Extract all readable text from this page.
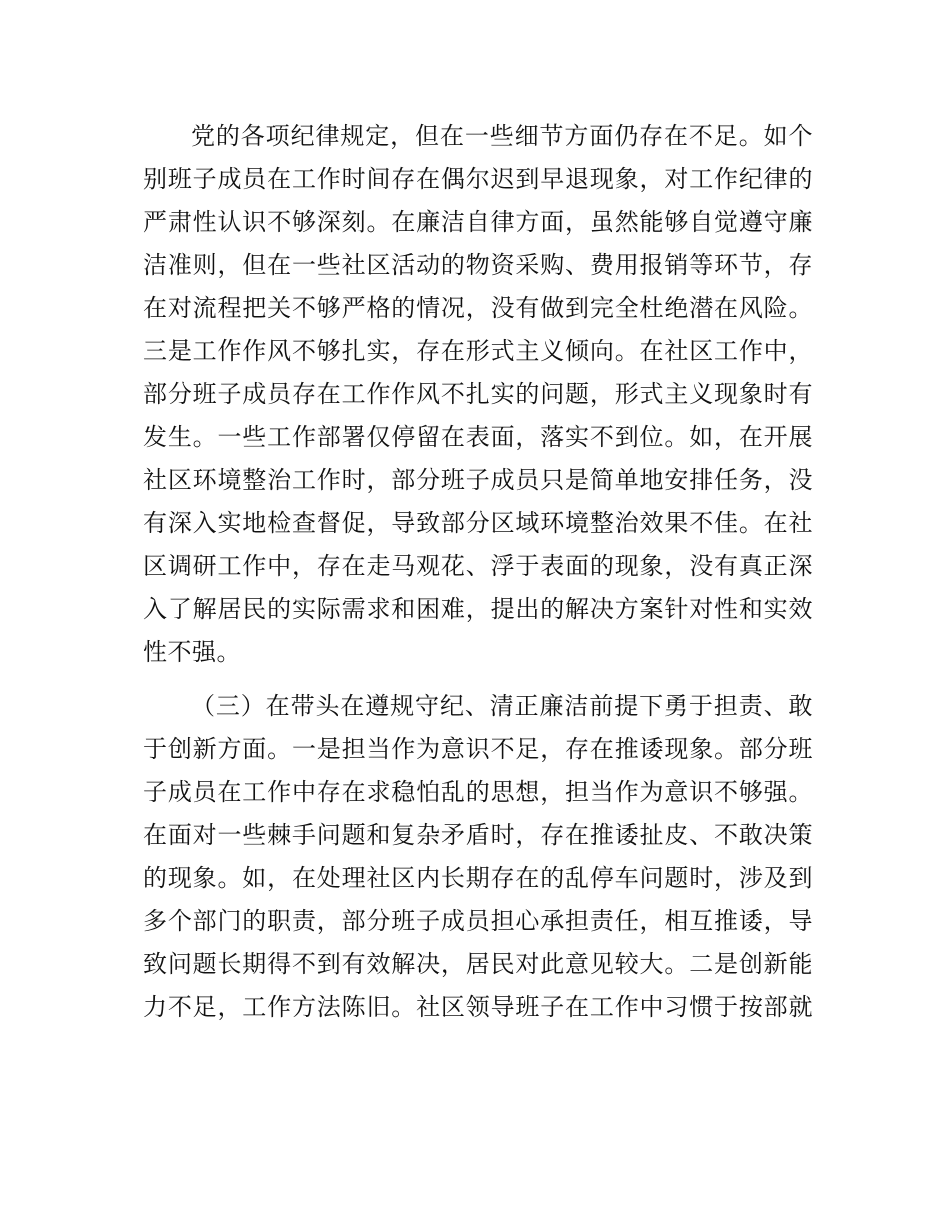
党的各项纪律规定，但在一些细节方面仍存在不足。如个
别班子成员在工作时间存在偶尔迟到早退现象，对工作纪律的
严肃性认识不够深刻。在廉洁自律方面，虽然能够自觉遵守廉
洁准则，但在一些社区活动的物资采购、费用报销等环节，存
在对流程把关不够严格的情况，没有做到完全杜绝潜在风险。
三是工作作风不够扎实，存在形式主义倾向。在社区工作中，
部分班子成员存在工作作风不扎实的问题，形式主义现象时有
发生。一些工作部署仅停留在表面，落实不到位。如，在开展
社区环境整治工作时，部分班子成员只是简单地安排任务，没
有深入实地检查督促，导致部分区域环境整治效果不佳。在社
区调研工作中，存在走马观花、浮于表面的现象，没有真正深
入了解居民的实际需求和困难，提出的解决方案针对性和实效
性不强。
（三）在带头在遵规守纪、清正廉洁前提下勇于担责、敢
于创新方面。一是担当作为意识不足，存在推诿现象。部分班
子成员在工作中存在求稳怕乱的思想，担当作为意识不够强。
在面对一些棘手问题和复杂矛盾时，存在推诿扯皮、不敢决策
的现象。如，在处理社区内长期存在的乱停车问题时，涉及到
多个部门的职责，部分班子成员担心承担责任，相互推诿，导
致问题长期得不到有效解决，居民对此意见较大。二是创新能
力不足，工作方法陈旧。社区领导班子在工作中习惯于按部就
